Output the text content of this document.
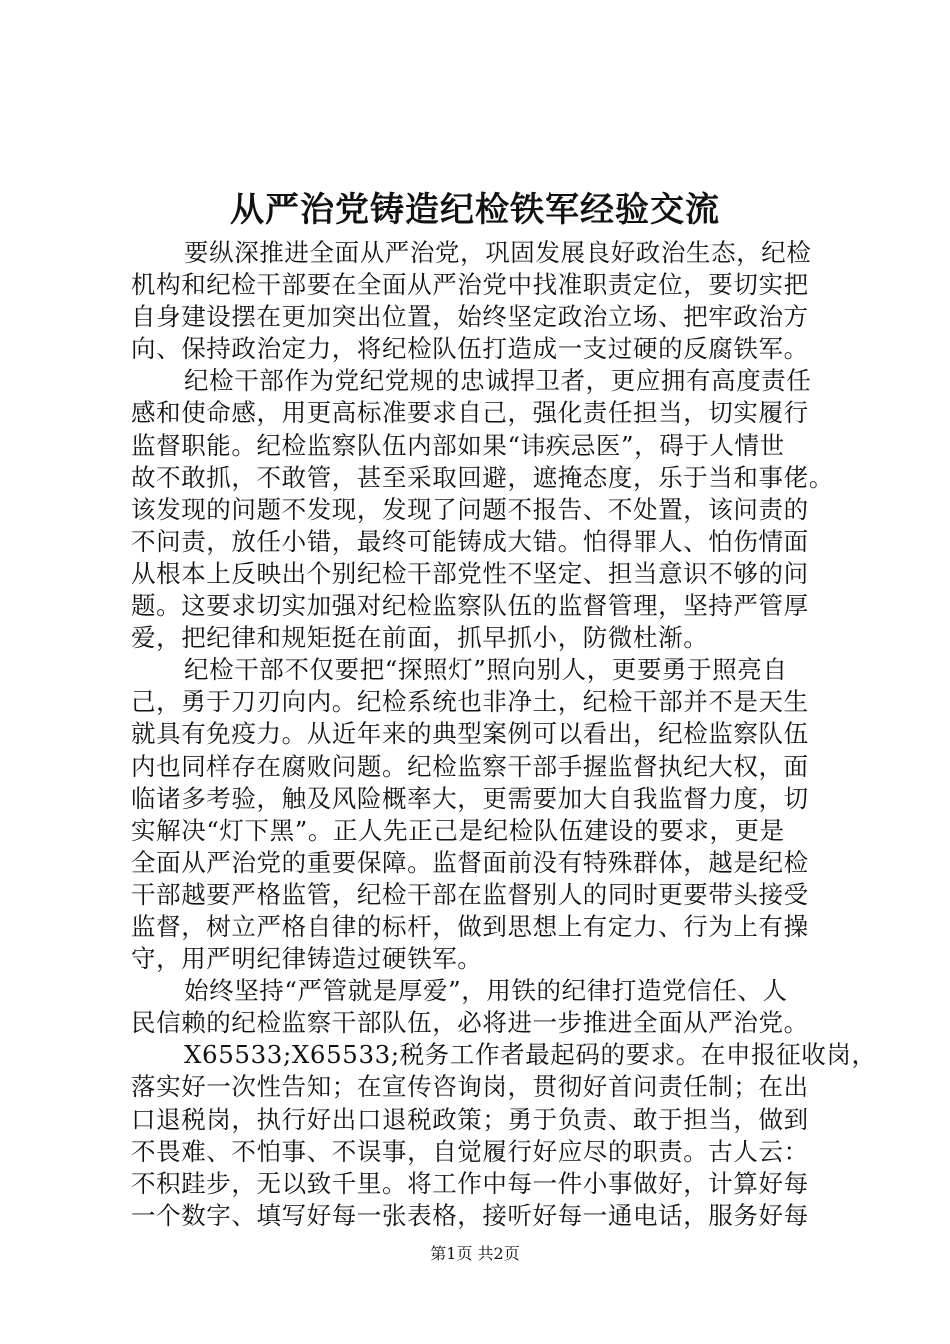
从严治党铸造纪检铁军经验交流
要纵深推进全面从严治党，巩固发展良好政治生态，纪检
机构和纪检干部要在全面从严治党中找准职责定位，要切实把
自身建设摆在更加突出位置，始终坚定政治立场、把牢政治方
向、保持政治定力，将纪检队伍打造成一支过硬的反腐铁军。
纪检干部作为党纪党规的忠诚捍卫者，更应拥有高度责任
感和使命感，用更高标准要求自己，强化责任担当，切实履行
监督职能。纪检监察队伍内部如果“讳疾忌医”，碍于人情世
故不敢抓，不敢管，甚至采取回避，遮掩态度，乐于当和事佬。
该发现的问题不发现，发现了问题不报告、不处置，该问责的
不问责，放任小错，最终可能铸成大错。怕得罪人、怕伤情面
从根本上反映出个别纪检干部党性不坚定、担当意识不够的问
题。这要求切实加强对纪检监察队伍的监督管理，坚持严管厚
爱，把纪律和规矩挺在前面，抓早抓小，防微杜渐。
纪检干部不仅要把“探照灯”照向别人，更要勇于照亮自
己，勇于刀刃向内。纪检系统也非净土，纪检干部并不是天生
就具有免疫力。从近年来的典型案例可以看出，纪检监察队伍
内也同样存在腐败问题。纪检监察干部手握监督执纪大权，面
临诸多考验，触及风险概率大，更需要加大自我监督力度，切
实解决“灯下黑”。正人先正己是纪检队伍建设的要求，更是
全面从严治党的重要保障。监督面前没有特殊群体，越是纪检
干部越要严格监管，纪检干部在监督别人的同时更要带头接受
监督，树立严格自律的标杆，做到思想上有定力、行为上有操
守，用严明纪律铸造过硬铁军。
始终坚持“严管就是厚爱”，用铁的纪律打造党信任、人
民信赖的纪检监察干部队伍，必将进一步推进全面从严治党。
X65533;X65533;税务工作者最起码的要求。在申报征收岗，
落实好一次性告知；在宣传咨询岗，贯彻好首问责任制；在出
口退税岗，执行好出口退税政策；勇于负责、敢于担当，做到
不畏难、不怕事、不误事，自觉履行好应尽的职责。古人云：
不积跬步，无以致千里。将工作中每一件小事做好，计算好每
一个数字、填写好每一张表格，接听好每一通电话，服务好每
第1页 共2页
